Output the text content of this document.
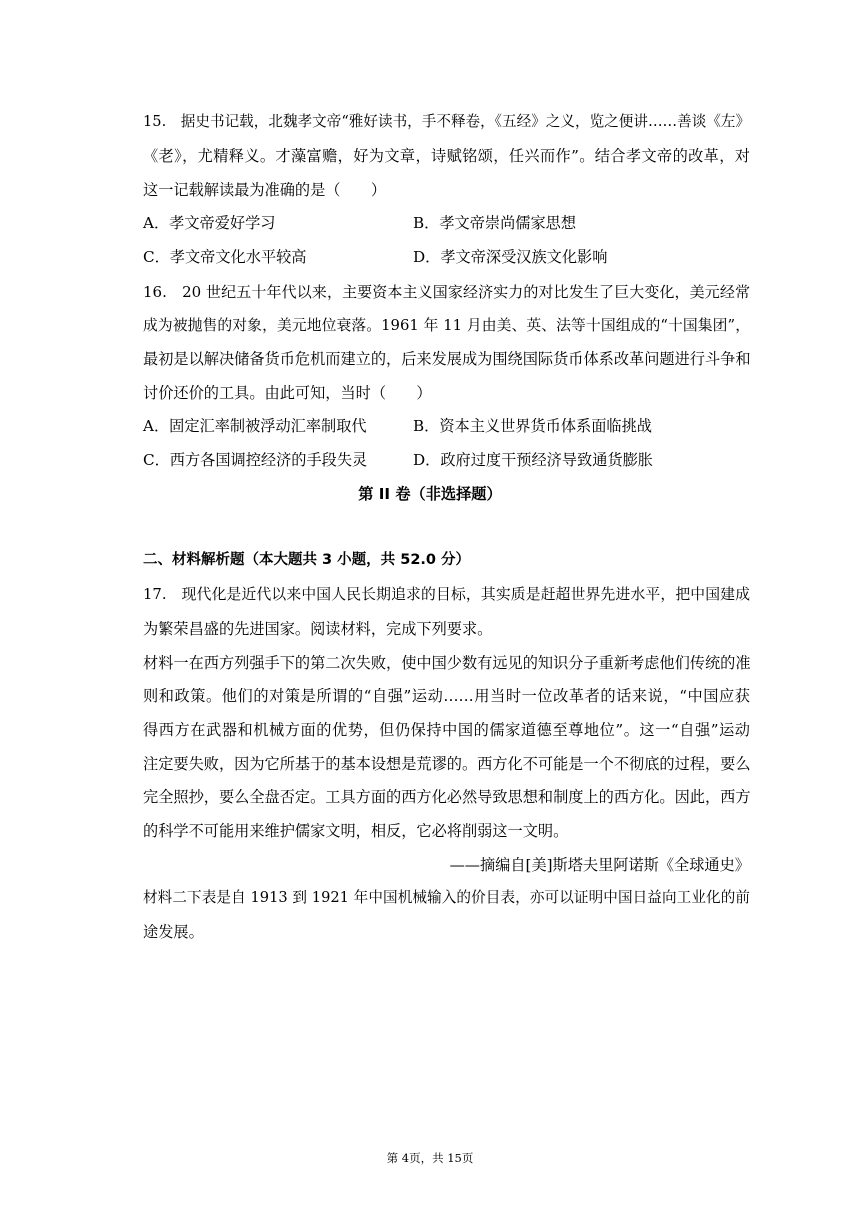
15.　据史书记载，北魏孝文帝“雅好读书，手不释卷，《五经》之义，览之便讲……善谈《左》
《老》，尤精释义。才藻富赡，好为文章，诗赋铭颂，任兴而作”。结合孝文帝的改革，对
这一记载解读最为准确的是（　　）
A．孝文帝爱好学习	B．孝文帝崇尚儒家思想
C．孝文帝文化水平较高	D．孝文帝深受汉族文化影响
16.　20 世纪五十年代以来，主要资本主义国家经济实力的对比发生了巨大变化，美元经常
成为被抛售的对象，美元地位衰落。1961 年 11 月由美、英、法等十国组成的“十国集团”，
最初是以解决储备货币危机而建立的，后来发展成为围绕国际货币体系改革问题进行斗争和
讨价还价的工具。由此可知，当时（　　）
A．固定汇率制被浮动汇率制取代	B．资本主义世界货币体系面临挑战
C．西方各国调控经济的手段失灵	D．政府过度干预经济导致通货膨胀
第 II 卷（非选择题）
二、材料解析题（本大题共 3 小题，共 52.0 分）
17.　现代化是近代以来中国人民长期追求的目标，其实质是赶超世界先进水平，把中国建成
为繁荣昌盛的先进国家。阅读材料，完成下列要求。
材料一在西方列强手下的第二次失败，使中国少数有远见的知识分子重新考虑他们传统的准
则和政策。他们的对策是所谓的“自强”运动……用当时一位改革者的话来说，“中国应获
得西方在武器和机械方面的优势，但仍保持中国的儒家道德至尊地位”。这一“自强”运动
注定要失败，因为它所基于的基本设想是荒谬的。西方化不可能是一个不彻底的过程，要么
完全照抄，要么全盘否定。工具方面的西方化必然导致思想和制度上的西方化。因此，西方
的科学不可能用来维护儒家文明，相反，它必将削弱这一文明。
——摘编自[美]斯塔夫里阿诺斯《全球通史》
材料二下表是自 1913 到 1921 年中国机械输入的价目表，亦可以证明中国日益向工业化的前
途发展。
第 4页，共 15页
